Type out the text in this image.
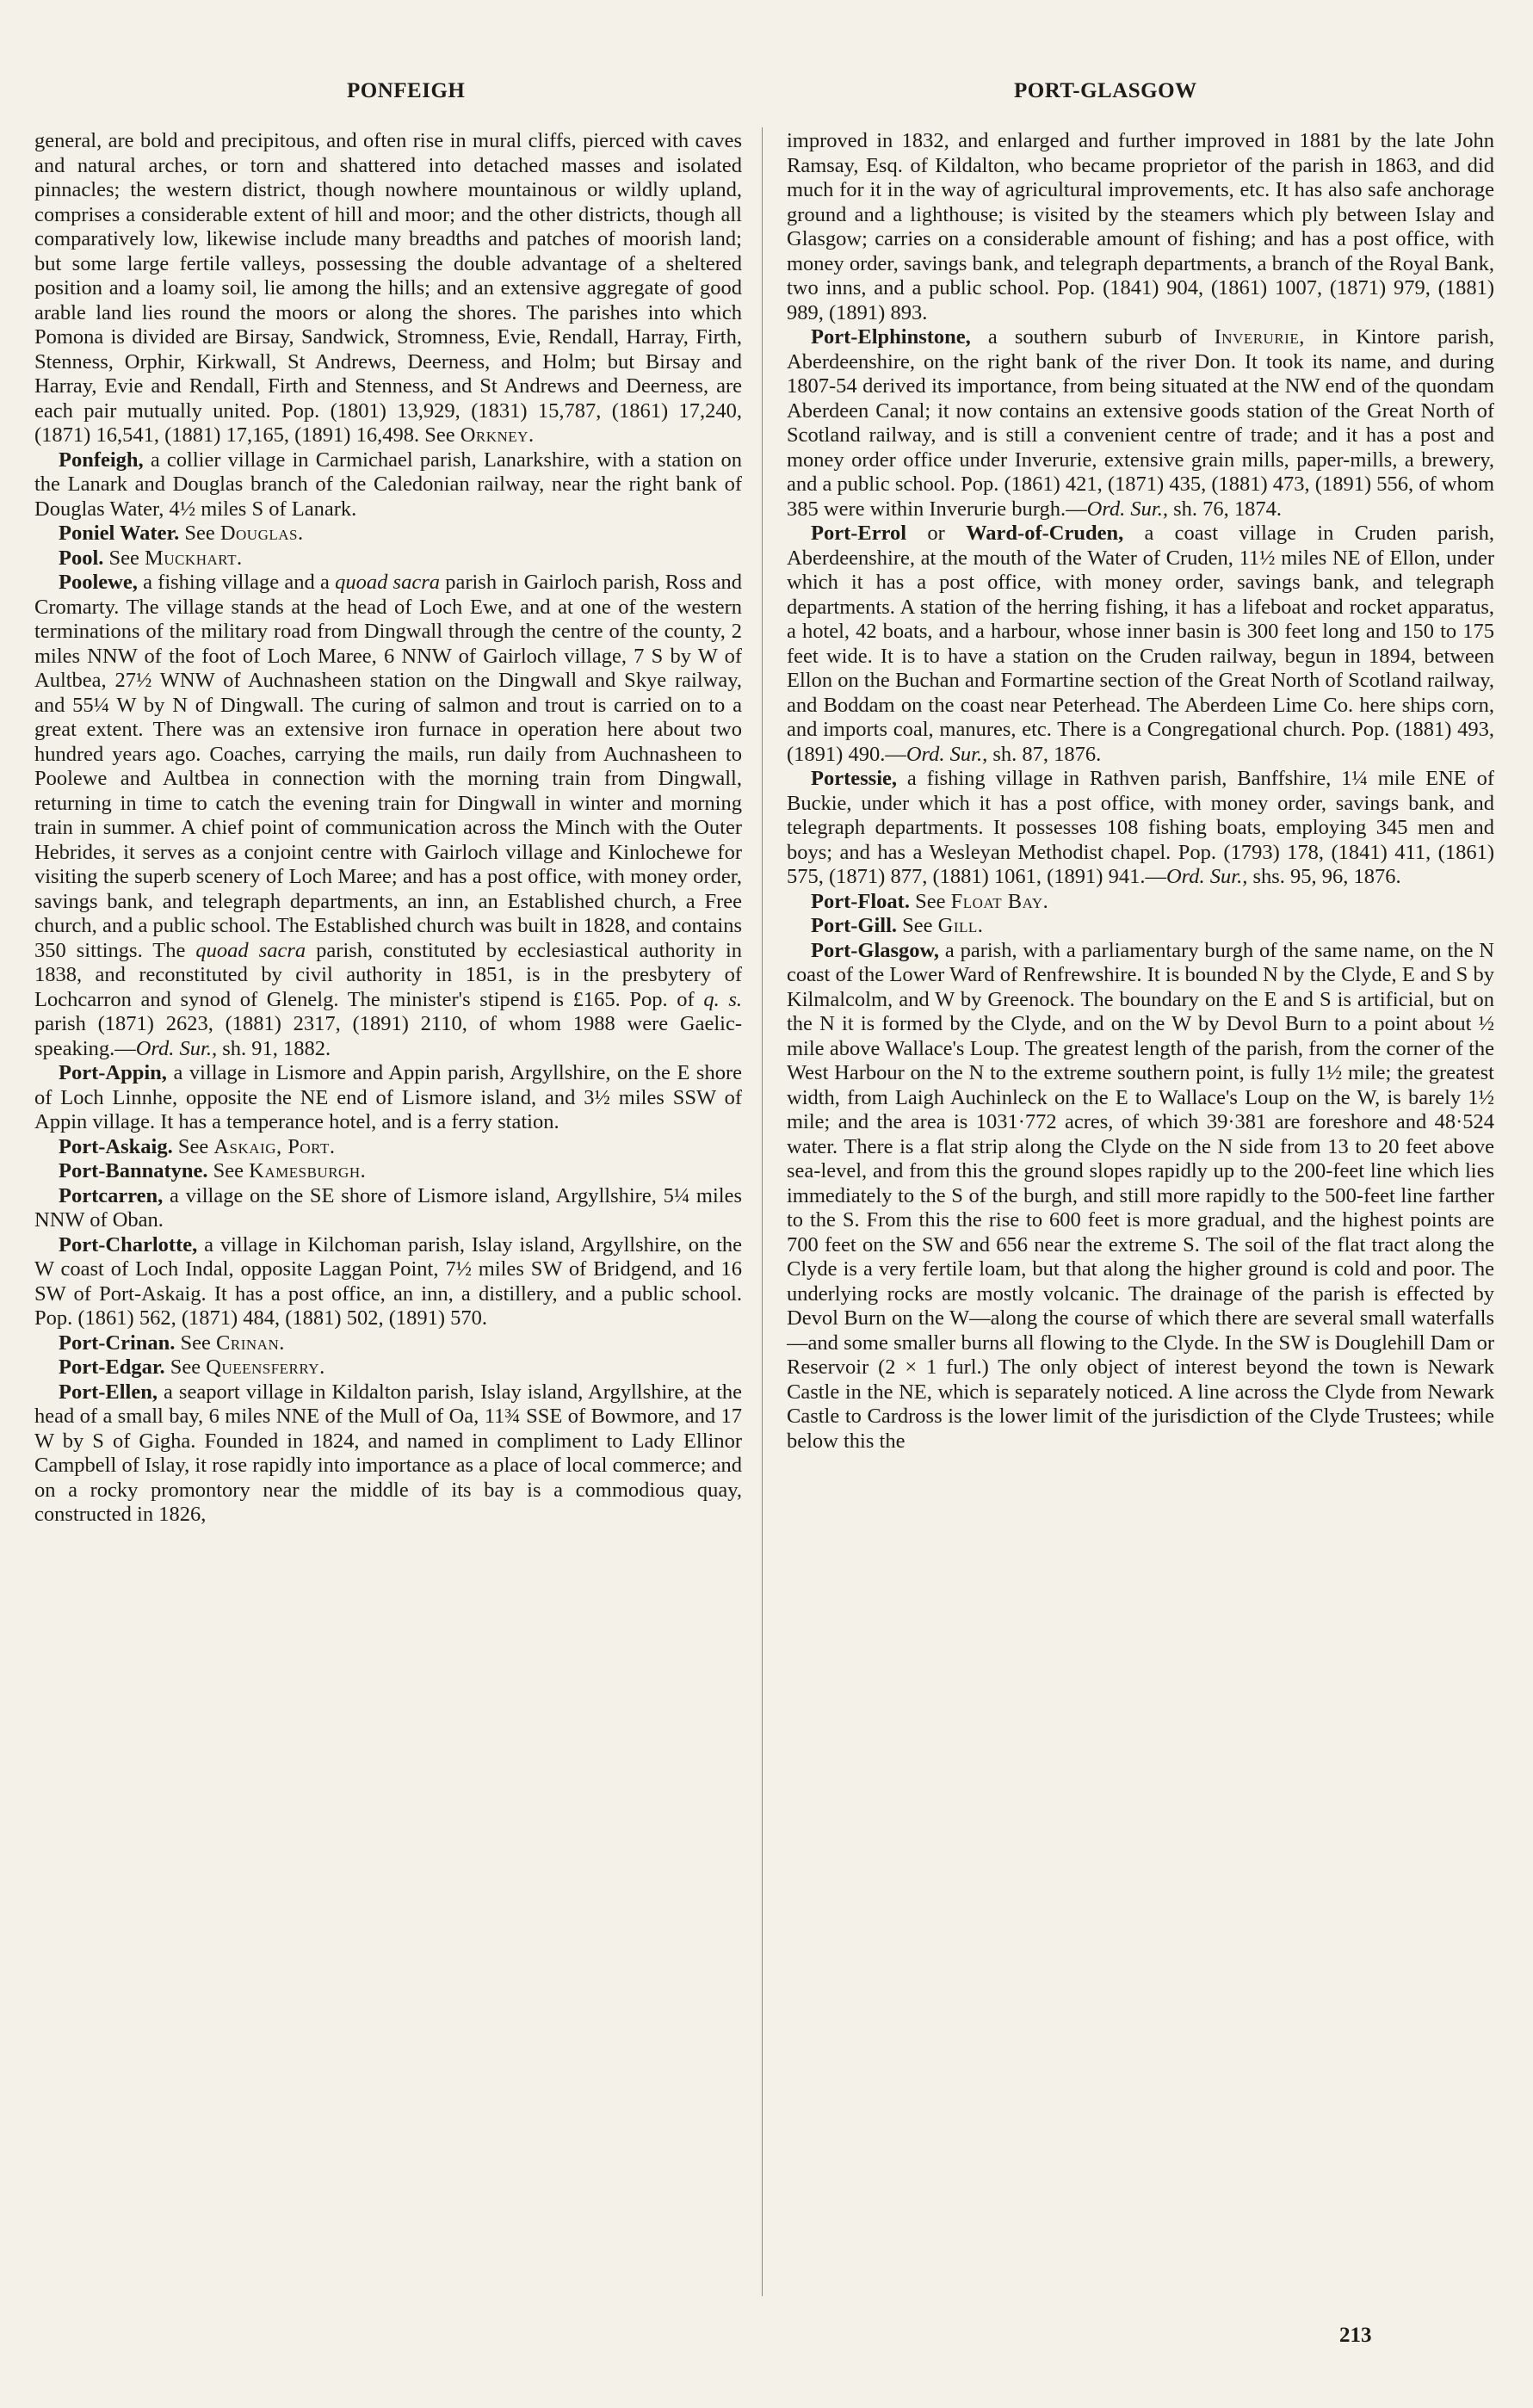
PONFEIGH	PORT-GLASGOW

general, are bold and precipitous, and often rise in mural cliffs, pierced with caves and natural arches, or torn and shattered into detached masses and isolated pinnacles; the western district, though nowhere mountainous or wildly upland, comprises a considerable extent of hill and moor; and the other districts, though all comparatively low, likewise include many breadths and patches of moorish land; but some large fertile valleys, possessing the double advantage of a sheltered position and a loamy soil, lie among the hills; and an extensive aggregate of good arable land lies round the moors or along the shores. The parishes into which Pomona is divided are Birsay, Sandwick, Stromness, Evie, Rendall, Harray, Firth, Stenness, Orphir, Kirkwall, St Andrews, Deerness, and Holm; but Birsay and Harray, Evie and Rendall, Firth and Stenness, and St Andrews and Deerness, are each pair mutually united. Pop. (1801) 13,929, (1831) 15,787, (1861) 17,240, (1871) 16,541, (1881) 17,165, (1891) 16,498. See Orkney.

Ponfeigh, a collier village in Carmichael parish, Lanarkshire, with a station on the Lanark and Douglas branch of the Caledonian railway, near the right bank of Douglas Water, 4½ miles S of Lanark.

Poniel Water. See Douglas.

Pool. See Muckhart.

Poolewe, a fishing village and a quoad sacra parish in Gairloch parish, Ross and Cromarty. The village stands at the head of Loch Ewe, and at one of the western terminations of the military road from Dingwall through the centre of the county, 2 miles NNW of the foot of Loch Maree, 6 NNW of Gairloch village, 7 S by W of Aultbea, 27½ WNW of Auchnasheen station on the Dingwall and Skye railway, and 55¼ W by N of Dingwall. The curing of salmon and trout is carried on to a great extent. There was an extensive iron furnace in operation here about two hundred years ago. Coaches, carrying the mails, run daily from Auchnasheen to Poolewe and Aultbea in connection with the morning train from Dingwall, returning in time to catch the evening train for Dingwall in winter and morning train in summer. A chief point of communication across the Minch with the Outer Hebrides, it serves as a conjoint centre with Gairloch village and Kinlochewe for visiting the superb scenery of Loch Maree; and has a post office, with money order, savings bank, and telegraph departments, an inn, an Established church, a Free church, and a public school. The Established church was built in 1828, and contains 350 sittings. The quoad sacra parish, constituted by ecclesiastical authority in 1838, and reconstituted by civil authority in 1851, is in the presbytery of Lochcarron and synod of Glenelg. The minister's stipend is £165. Pop. of q. s. parish (1871) 2623, (1881) 2317, (1891) 2110, of whom 1988 were Gaelic-speaking.—Ord. Sur., sh. 91, 1882.

Port-Appin, a village in Lismore and Appin parish, Argyllshire, on the E shore of Loch Linnhe, opposite the NE end of Lismore island, and 3½ miles SSW of Appin village. It has a temperance hotel, and is a ferry station.

Port-Askaig. See Askaig, Port.

Port-Bannatyne. See Kamesburgh.

Portcarren, a village on the SE shore of Lismore island, Argyllshire, 5¼ miles NNW of Oban.

Port-Charlotte, a village in Kilchoman parish, Islay island, Argyllshire, on the W coast of Loch Indal, opposite Laggan Point, 7½ miles SW of Bridgend, and 16 SW of Port-Askaig. It has a post office, an inn, a distillery, and a public school. Pop. (1861) 562, (1871) 484, (1881) 502, (1891) 570.

Port-Crinan. See Crinan.

Port-Edgar. See Queensferry.

Port-Ellen, a seaport village in Kildalton parish, Islay island, Argyllshire, at the head of a small bay, 6 miles NNE of the Mull of Oa, 11¾ SSE of Bowmore, and 17 W by S of Gigha. Founded in 1824, and named in compliment to Lady Ellinor Campbell of Islay, it rose rapidly into importance as a place of local commerce; and on a rocky promontory near the middle of its bay is a commodious quay, constructed in 1826,

improved in 1832, and enlarged and further improved in 1881 by the late John Ramsay, Esq. of Kildalton, who became proprietor of the parish in 1863, and did much for it in the way of agricultural improvements, etc. It has also safe anchorage ground and a lighthouse; is visited by the steamers which ply between Islay and Glasgow; carries on a considerable amount of fishing; and has a post office, with money order, savings bank, and telegraph departments, a branch of the Royal Bank, two inns, and a public school. Pop. (1841) 904, (1861) 1007, (1871) 979, (1881) 989, (1891) 893.

Port-Elphinstone, a southern suburb of Inverurie, in Kintore parish, Aberdeenshire, on the right bank of the river Don. It took its name, and during 1807-54 derived its importance, from being situated at the NW end of the quondam Aberdeen Canal; it now contains an extensive goods station of the Great North of Scotland railway, and is still a convenient centre of trade; and it has a post and money order office under Inverurie, extensive grain mills, paper-mills, a brewery, and a public school. Pop. (1861) 421, (1871) 435, (1881) 473, (1891) 556, of whom 385 were within Inverurie burgh.—Ord. Sur., sh. 76, 1874.

Port-Errol or Ward-of-Cruden, a coast village in Cruden parish, Aberdeenshire, at the mouth of the Water of Cruden, 11½ miles NE of Ellon, under which it has a post office, with money order, savings bank, and telegraph departments. A station of the herring fishing, it has a lifeboat and rocket apparatus, a hotel, 42 boats, and a harbour, whose inner basin is 300 feet long and 150 to 175 feet wide. It is to have a station on the Cruden railway, begun in 1894, between Ellon on the Buchan and Formartine section of the Great North of Scotland railway, and Boddam on the coast near Peterhead. The Aberdeen Lime Co. here ships corn, and imports coal, manures, etc. There is a Congregational church. Pop. (1881) 493, (1891) 490.—Ord. Sur., sh. 87, 1876.

Portessie, a fishing village in Rathven parish, Banffshire, 1¼ mile ENE of Buckie, under which it has a post office, with money order, savings bank, and telegraph departments. It possesses 108 fishing boats, employing 345 men and boys; and has a Wesleyan Methodist chapel. Pop. (1793) 178, (1841) 411, (1861) 575, (1871) 877, (1881) 1061, (1891) 941.—Ord. Sur., shs. 95, 96, 1876.

Port-Float. See Float Bay.

Port-Gill. See Gill.

Port-Glasgow, a parish, with a parliamentary burgh of the same name, on the N coast of the Lower Ward of Renfrewshire. It is bounded N by the Clyde, E and S by Kilmalcolm, and W by Greenock. The boundary on the E and S is artificial, but on the N it is formed by the Clyde, and on the W by Devol Burn to a point about ½ mile above Wallace's Loup. The greatest length of the parish, from the corner of the West Harbour on the N to the extreme southern point, is fully 1½ mile; the greatest width, from Laigh Auchinleck on the E to Wallace's Loup on the W, is barely 1½ mile; and the area is 1031·772 acres, of which 39·381 are foreshore and 48·524 water. There is a flat strip along the Clyde on the N side from 13 to 20 feet above sea-level, and from this the ground slopes rapidly up to the 200-feet line which lies immediately to the S of the burgh, and still more rapidly to the 500-feet line farther to the S. From this the rise to 600 feet is more gradual, and the highest points are 700 feet on the SW and 656 near the extreme S. The soil of the flat tract along the Clyde is a very fertile loam, but that along the higher ground is cold and poor. The underlying rocks are mostly volcanic. The drainage of the parish is effected by Devol Burn on the W—along the course of which there are several small waterfalls—and some smaller burns all flowing to the Clyde. In the SW is Douglehill Dam or Reservoir (2 × 1 furl.) The only object of interest beyond the town is Newark Castle in the NE, which is separately noticed. A line across the Clyde from Newark Castle to Cardross is the lower limit of the jurisdiction of the Clyde Trustees; while below this the

213
